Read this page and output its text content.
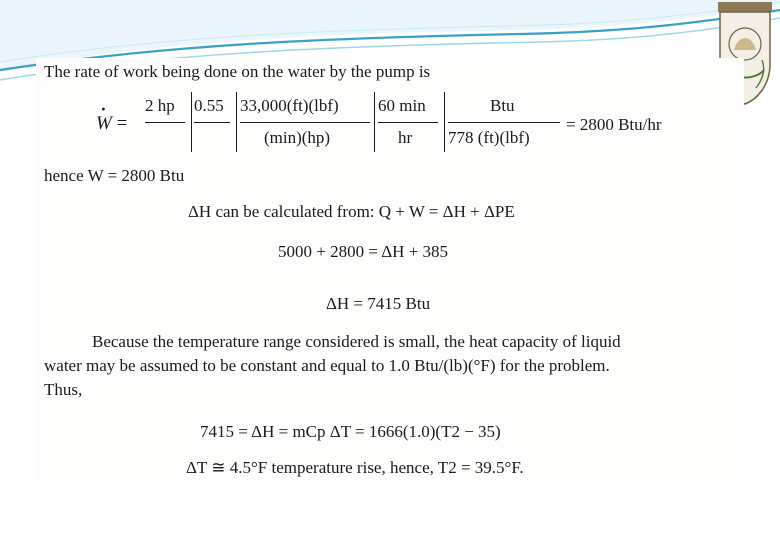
The rate of work being done on the water by the pump is
· W =
2 hp 0.55 33,000(ft)(lbf)
(min)(hp)
60 min
hr
Btu
778 (ft)(lbf)
= 2800 Btu/hr
hence W = 2800 Btu
ΔH can be calculated from: Q + W = ΔH + ΔPE
5000 + 2800 = ΔH + 385
ΔH = 7415 Btu
Because the temperature range considered is small, the heat capacity of liquid
water may be assumed to be constant and equal to 1.0 Btu/(lb)(°F) for the problem.
Thus,
7415 = ΔH = mCp ΔT = 1666(1.0)(T2 − 35)
ΔT ≅ 4.5°F temperature rise, hence, T2 = 39.5°F.
